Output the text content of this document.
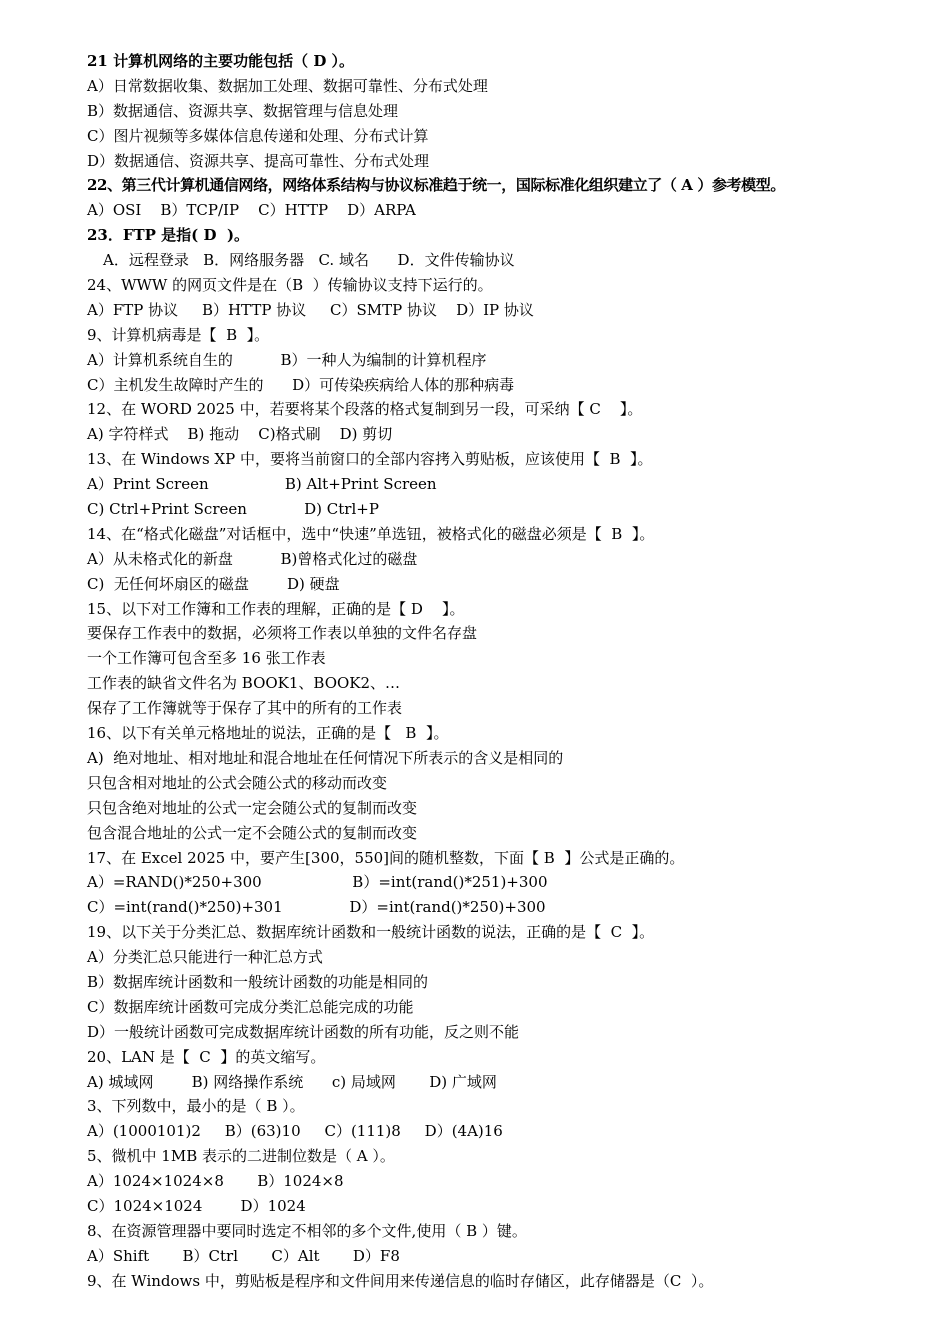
21 计算机网络的主要功能包括（ D ）。
A）日常数据收集、数据加工处理、数据可靠性、分布式处理
B）数据通信、资源共享、数据管理与信息处理
C）图片视频等多媒体信息传递和处理、分布式计算
D）数据通信、资源共享、提高可靠性、分布式处理
22、第三代计算机通信网络，网络体系结构与协议标准趋于统一，国际标准化组织建立了（ A ）参考模型。
A）OSI    B）TCP/IP    C）HTTP    D）ARPA
23．FTP 是指( D  )。
A．远程登录   B．网络服务器   C. 域名      D．文件传输协议
24、WWW 的网页文件是在（B  ）传输协议支持下运行的。
A）FTP 协议     B）HTTP 协议     C）SMTP 协议    D）IP 协议
9、计算机病毒是【  B  】。
A）计算机系统自生的          B）一种人为编制的计算机程序
C）主机发生故障时产生的      D）可传染疾病给人体的那种病毒
12、在 WORD 2025 中，若要将某个段落的格式复制到另一段，可采纳【 C    】。
A) 字符样式    B) 拖动    C)格式刷    D) 剪切
13、在 Windows XP 中，要将当前窗口的全部内容拷入剪贴板，应该使用【  B  】。
A）Print Screen                B) Alt+Print Screen
C) Ctrl+Print Screen            D) Ctrl+P
14、在“格式化磁盘”对话框中，选中“快速”单选钮，被格式化的磁盘必须是【  B  】。
A）从未格式化的新盘          B)曾格式化过的磁盘
C)  无任何坏扇区的磁盘        D) 硬盘
15、以下对工作簿和工作表的理解，正确的是【 D    】。
要保存工作表中的数据，必须将工作表以单独的文件名存盘
一个工作簿可包含至多 16 张工作表
工作表的缺省文件名为 BOOK1、BOOK2、…
保存了工作簿就等于保存了其中的所有的工作表
16、以下有关单元格地址的说法，正确的是【   B  】。
A)  绝对地址、相对地址和混合地址在任何情况下所表示的含义是相同的
只包含相对地址的公式会随公式的移动而改变
只包含绝对地址的公式一定会随公式的复制而改变
包含混合地址的公式一定不会随公式的复制而改变
17、在 Excel 2025 中，要产生[300，550]间的随机整数，下面【 B  】公式是正确的。
A）=RAND()*250+300                   B）=int(rand()*251)+300
C）=int(rand()*250)+301              D）=int(rand()*250)+300
19、以下关于分类汇总、数据库统计函数和一般统计函数的说法，正确的是【  C  】。
A）分类汇总只能进行一种汇总方式
B）数据库统计函数和一般统计函数的功能是相同的
C）数据库统计函数可完成分类汇总能完成的功能
D）一般统计函数可完成数据库统计函数的所有功能，反之则不能
20、LAN 是【  C  】的英文缩写。
A) 城域网        B) 网络操作系统      c) 局域网       D) 广域网
3、下列数中，最小的是（ B ）。
A）(1000101)2     B）(63)10     C）(111)8     D）(4A)16
5、微机中 1MB 表示的二进制位数是（ A ）。
A）1024×1024×8       B）1024×8
C）1024×1024        D）1024
8、在资源管理器中要同时选定不相邻的多个文件,使用（ B ）键。
A）Shift       B）Ctrl       C）Alt       D）F8
9、在 Windows 中，剪贴板是程序和文件间用来传递信息的临时存储区，此存储器是（C  ）。
